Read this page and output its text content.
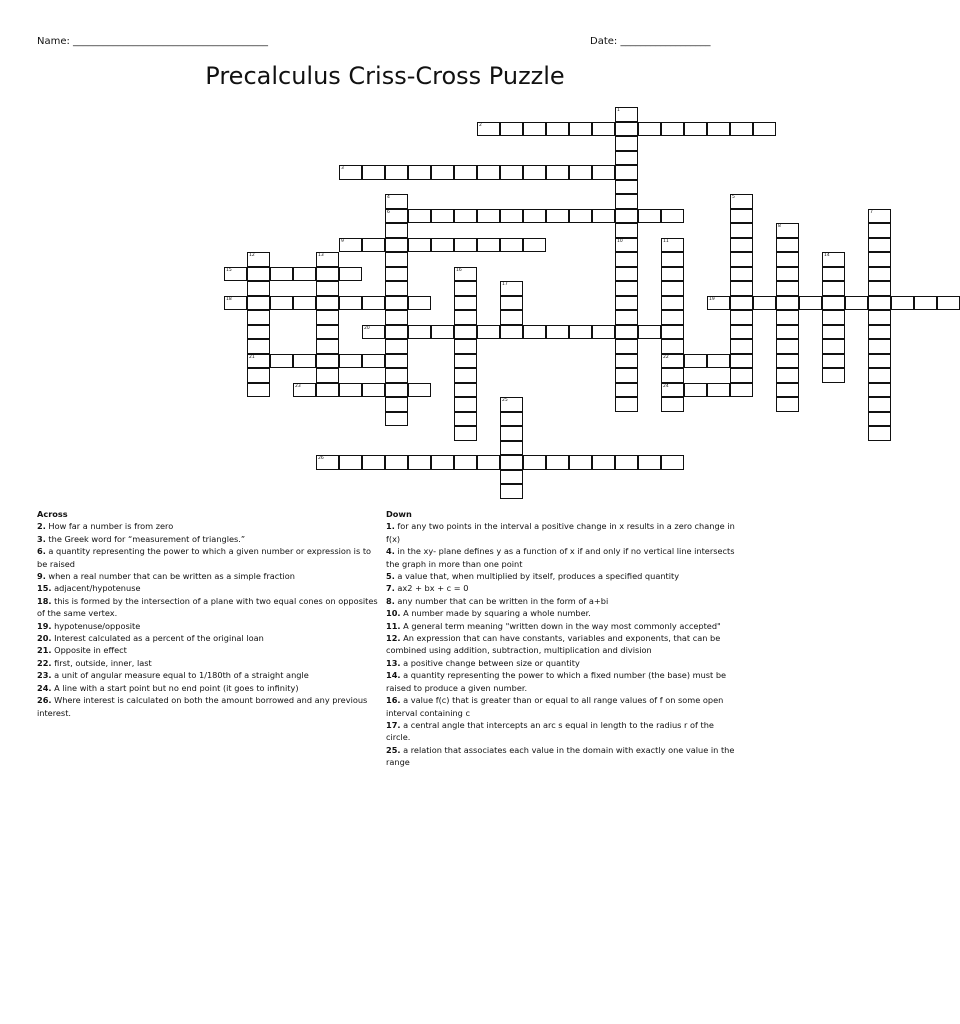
Name: _______________________________________	Date: __________________
Precalculus Criss-Cross Puzzle
1
2
3
4
6
5
7
9	10	11
22
24
8
12
21
13	14
15	16
17
18	19
20
23
25
26
Across
2. How far a number is from zero
3. the Greek word for “measurement of triangles.”
6. a quantity representing the power to which a given number or expression is to be raised
9. when a real number that can be written as a simple fraction
15. adjacent/hypotenuse
18. this is formed by the intersection of a plane with two equal cones on opposites of the same vertex.
19. hypotenuse/opposite
20. Interest calculated as a percent of the original loan
21. Opposite in effect
22. first, outside, inner, last
23. a unit of angular measure equal to 1/180th of a straight angle
24. A line with a start point but no end point (it goes to infinity)
26. Where interest is calculated on both the amount borrowed and any previous interest.
Down
1. for any two points in the interval a positive change in x results in a zero change in f(x)
4. in the xy- plane defines y as a function of x if and only if no vertical line intersects the graph in more than one point
5. a value that, when multiplied by itself, produces a specified quantity
7. ax2 + bx + c = 0
8. any number that can be written in the form of a+bi
10. A number made by squaring a whole number.
11. A general term meaning "written down in the way most commonly accepted"
12. An expression that can have constants, variables and exponents, that can be combined using addition, subtraction, multiplication and division
13. a positive change between size or quantity
14. a quantity representing the power to which a fixed number (the base) must be raised to produce a given number.
16. a value f(c) that is greater than or equal to all range values of f on some open interval containing c
17. a central angle that intercepts an arc s equal in length to the radius r of the circle.
25. a relation that associates each value in the domain with exactly one value in the range
